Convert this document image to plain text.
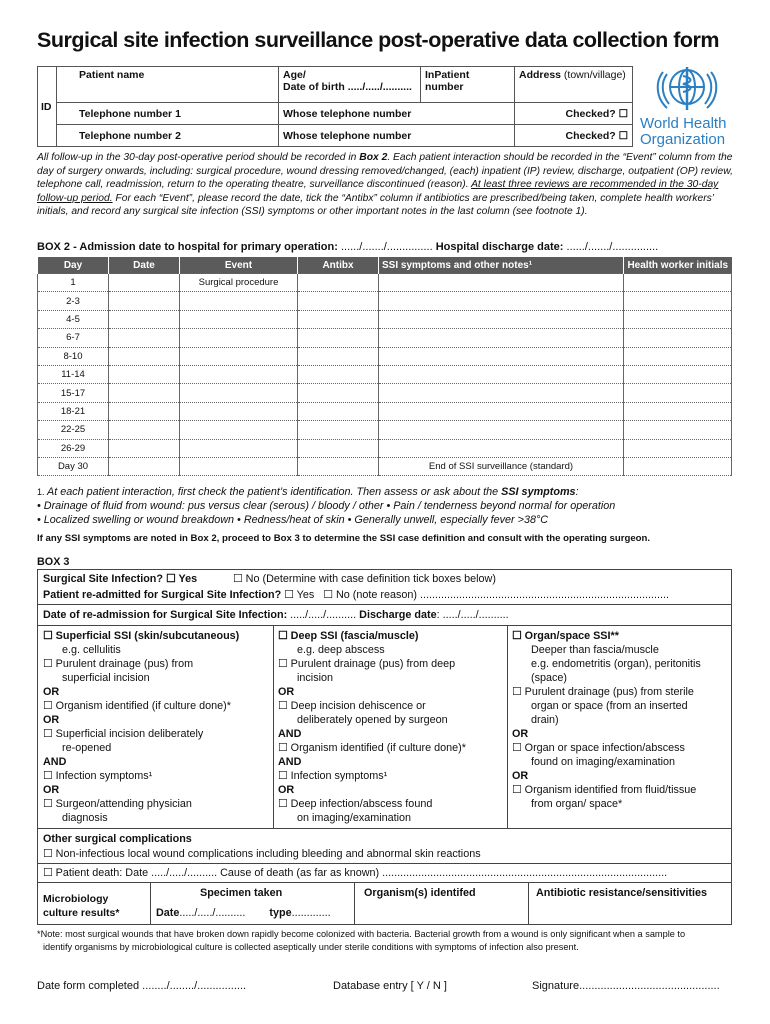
Surgical site infection surveillance post-operative data collection form
ID	Patient name	Age/
Date of birth ...../...../..........	InPatient number	Address (town/village)
	Telephone number 1	Whose telephone number		Checked? ☐
	Telephone number 2	Whose telephone number		Checked? ☐
World Health
Organization
All follow-up in the 30-day post-operative period should be recorded in Box 2. Each patient interaction should be recorded in the “Event” column from the day of surgery onwards, including: surgical procedure, wound dressing removed/changed, (each) inpatient (IP) review, discharge, outpatient (OP) review, telephone call, readmission, return to the operating theatre, surveillance discontinued (reason). At least three reviews are recommended in the 30-day follow-up period. For each “Event”, please record the date, tick the “Antibx” column if antibiotics are prescribed/being taken, complete health workers’ initials, and record any surgical site infection (SSI) symptoms or other important notes in the last column (see footnote 1).
BOX 2 - Admission date to hospital for primary operation: ....../......./............... Hospital discharge date: ....../......./...............
Day	Date	Event	Antibx	SSI symptoms and other notes¹	Health worker initials
1		Surgical procedure			
2-3					
4-5					
6-7					
8-10					
11-14					
15-17					
18-21					
22-25					
26-29					
Day 30				End of SSI surveillance (standard)	
1. At each patient interaction, first check the patient’s identification. Then assess or ask about the SSI symptoms:
• Drainage of fluid from wound: pus versus clear (serous) / bloody / other • Pain / tenderness beyond normal for operation
• Localized swelling or wound breakdown • Redness/heat of skin • Generally unwell, especially fever >38°C
If any SSI symptoms are noted in Box 2, proceed to Box 3 to determine the SSI case definition and consult with the operating surgeon.
BOX 3
Surgical Site Infection? ☐ Yes	☐ No (Determine with case definition tick boxes below)
Patient re-admitted for Surgical Site Infection? ☐ Yes ☐ No (note reason) ...................................................................................
Date of re-admission for Surgical Site Infection: ...../...../.......... Discharge date: ...../...../..........
☐ Superficial SSI (skin/subcutaneous)
e.g. cellulitis
☐ Purulent drainage (pus) from
superficial incision
OR
☐ Organism identified (if culture done)*
OR
☐ Superficial incision deliberately
re-opened
AND
☐ Infection symptoms¹
OR
☐ Surgeon/attending physician
diagnosis
☐ Deep SSI (fascia/muscle)
e.g. deep abscess
☐ Purulent drainage (pus) from deep
incision
OR
☐ Deep incision dehiscence or
deliberately opened by surgeon
AND
☐ Organism identified (if culture done)*
AND
☐ Infection symptoms¹
OR
☐ Deep infection/abscess found
on imaging/examination
☐ Organ/space SSI**
Deeper than fascia/muscle
e.g. endometritis (organ), peritonitis
(space)
☐ Purulent drainage (pus) from sterile
organ or space (from an inserted
drain)
OR
☐ Organ or space infection/abscess
found on imaging/examination
OR
☐ Organism identified from fluid/tissue
from organ/ space*
Other surgical complications
☐ Non-infectious local wound complications including bleeding and abnormal skin reactions
☐ Patient death: Date ...../...../.......... Cause of death (as far as known) ...............................................................................................
Microbiology
culture results*
Specimen taken
Date...../...../.......... type.............
Organism(s) identifed	Antibiotic resistance/sensitivities
*Note: most surgical wounds that have broken down rapidly become colonized with bacteria. Bacterial growth from a wound is only significant when a sample to
identify organisms by microbiological culture is collected aseptically under sterile conditions with symptoms of infection also present.
Date form completed ......../......../................	Database entry [ Y / N ]	Signature..............................................
